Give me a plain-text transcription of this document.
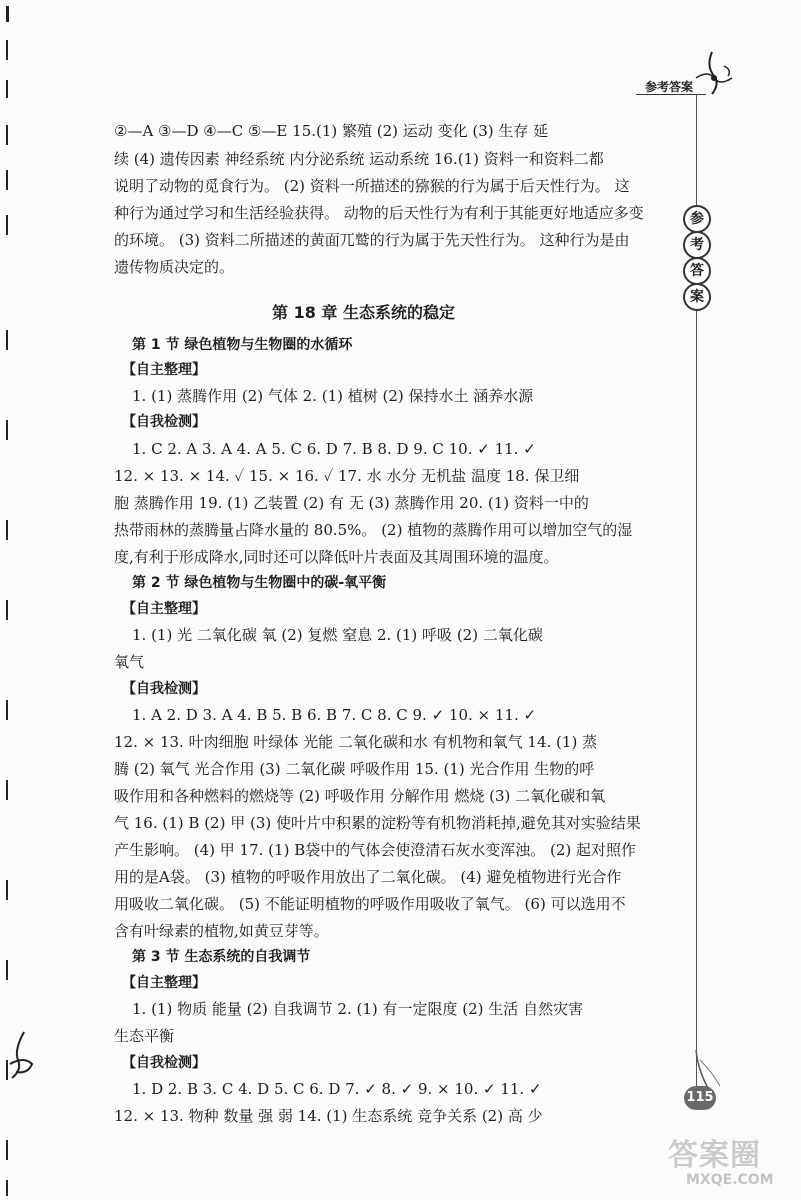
参考答案
参
考
答
案
115
②—A ③—D ④—C ⑤—E 15.(1) 繁殖 (2) 运动 变化 (3) 生存 延
续 (4) 遗传因素 神经系统 内分泌系统 运动系统 16.(1) 资料一和资料二都
说明了动物的觅食行为。 (2) 资料一所描述的猕猴的行为属于后天性行为。 这
种行为通过学习和生活经验获得。 动物的后天性行为有利于其能更好地适应多变
的环境。 (3) 资料二所描述的黄面兀鹫的行为属于先天性行为。 这种行为是由
遗传物质决定的。
第 18 章 生态系统的稳定
第 1 节 绿色植物与生物圈的水循环
【自主整理】
1. (1) 蒸腾作用 (2) 气体 2. (1) 植树 (2) 保持水土 涵养水源
【自我检测】
1. C 2. A 3. A 4. A 5. C 6. D 7. B 8. D 9. C 10. ✓ 11. ✓
12. × 13. × 14. ✓ 15. × 16. ✓ 17. 水 水分 无机盐 温度 18. 保卫细
胞 蒸腾作用 19. (1) 乙装置 (2) 有 无 (3) 蒸腾作用 20. (1) 资料一中的
热带雨林的蒸腾量占降水量的 80.5%。 (2) 植物的蒸腾作用可以增加空气的湿
度,有利于形成降水,同时还可以降低叶片表面及其周围环境的温度。
第 2 节 绿色植物与生物圈中的碳-氧平衡
【自主整理】
1. (1) 光 二氧化碳 氧 (2) 复燃 窒息 2. (1) 呼吸 (2) 二氧化碳
氧气
【自我检测】
1. A 2. D 3. A 4. B 5. B 6. B 7. C 8. C 9. ✓ 10. × 11. ✓
12. × 13. 叶肉细胞 叶绿体 光能 二氧化碳和水 有机物和氧气 14. (1) 蒸
腾 (2) 氧气 光合作用 (3) 二氧化碳 呼吸作用 15. (1) 光合作用 生物的呼
吸作用和各种燃料的燃烧等 (2) 呼吸作用 分解作用 燃烧 (3) 二氧化碳和氧
气 16. (1) B (2) 甲 (3) 使叶片中积累的淀粉等有机物消耗掉,避免其对实验结果
产生影响。 (4) 甲 17. (1) B袋中的气体会使澄清石灰水变浑浊。 (2) 起对照作
用的是A袋。 (3) 植物的呼吸作用放出了二氧化碳。 (4) 避免植物进行光合作
用吸收二氧化碳。 (5) 不能证明植物的呼吸作用吸收了氧气。 (6) 可以选用不
含有叶绿素的植物,如黄豆芽等。
第 3 节 生态系统的自我调节
【自主整理】
1. (1) 物质 能量 (2) 自我调节 2. (1) 有一定限度 (2) 生活 自然灾害
生态平衡
【自我检测】
1. D 2. B 3. C 4. D 5. C 6. D 7. ✓ 8. ✓ 9. × 10. ✓ 11. ✓
12. × 13. 物种 数量 强 弱 14. (1) 生态系统 竞争关系 (2) 高 少
答案圈
MXQE.COM
